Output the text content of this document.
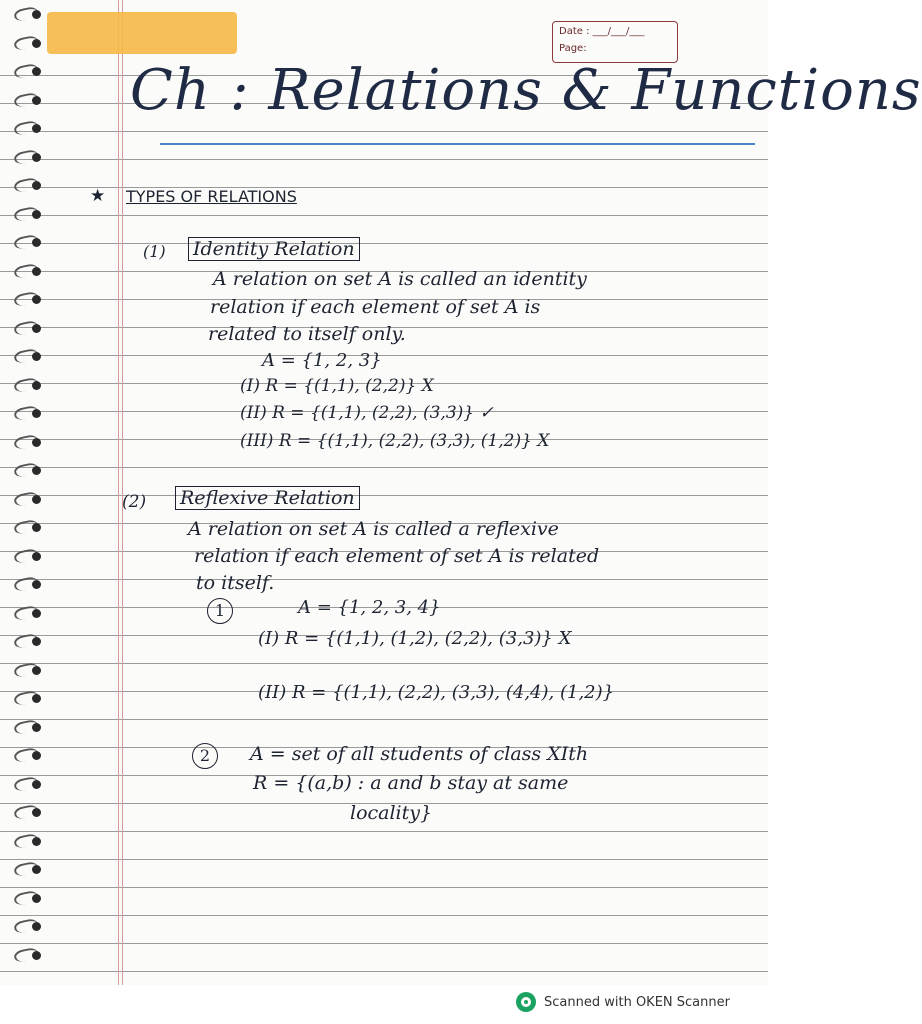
Date : ___/___/___
Page:
Ch : Relations & Functions
★ TYPES OF RELATIONS
(1) Identity Relation
A relation on set A is called an identity
relation if each element of set A is
related to itself only.
A = {1, 2, 3}
(I) R = {(1,1), (2,2)} X
(II) R = {(1,1), (2,2), (3,3)} ✓
(III) R = {(1,1), (2,2), (3,3), (1,2)} X
(2) Reflexive Relation
A relation on set A is called a reflexive
relation if each element of set A is related
to itself.
1	A = {1, 2, 3, 4}
(I) R = {(1,1), (1,2), (2,2), (3,3)} X
(II) R = {(1,1), (2,2), (3,3), (4,4), (1,2)}
2	A = set of all students of class XIth
R = {(a,b) : a and b stay at same
locality}
Scanned with OKEN Scanner
